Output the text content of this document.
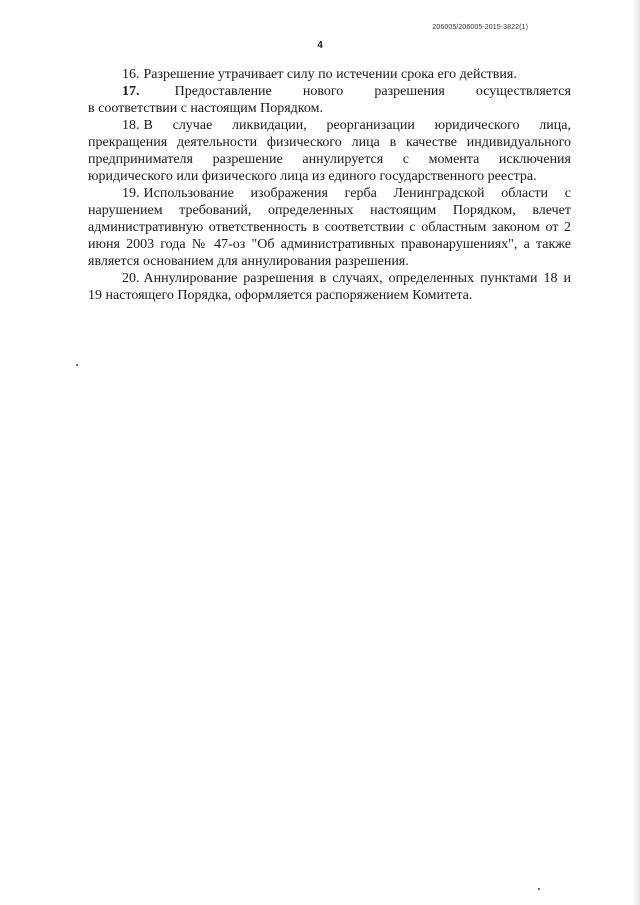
206005/206005-2015-3822(1)
4

16. Разрешение утрачивает силу по истечении срока его действия.

17.	Предоставление нового разрешения осуществляется
в соответствии с настоящим Порядком.

18. В случае ликвидации, реорганизации юридического лица, прекращения деятельности физического лица в качестве индивидуального предпринимателя разрешение аннулируется с момента исключения юридического или физического лица из единого государственного реестра.

19. Использование изображения герба Ленинградской области с нарушением требований, определенных настоящим Порядком, влечет административную ответственность в соответствии с областным законом от 2 июня 2003 года № 47-оз "Об административных правонарушениях", а также является основанием для аннулирования разрешения.

20. Аннулирование разрешения в случаях, определенных пунктами 18 и 19 настоящего Порядка, оформляется распоряжением Комитета.
